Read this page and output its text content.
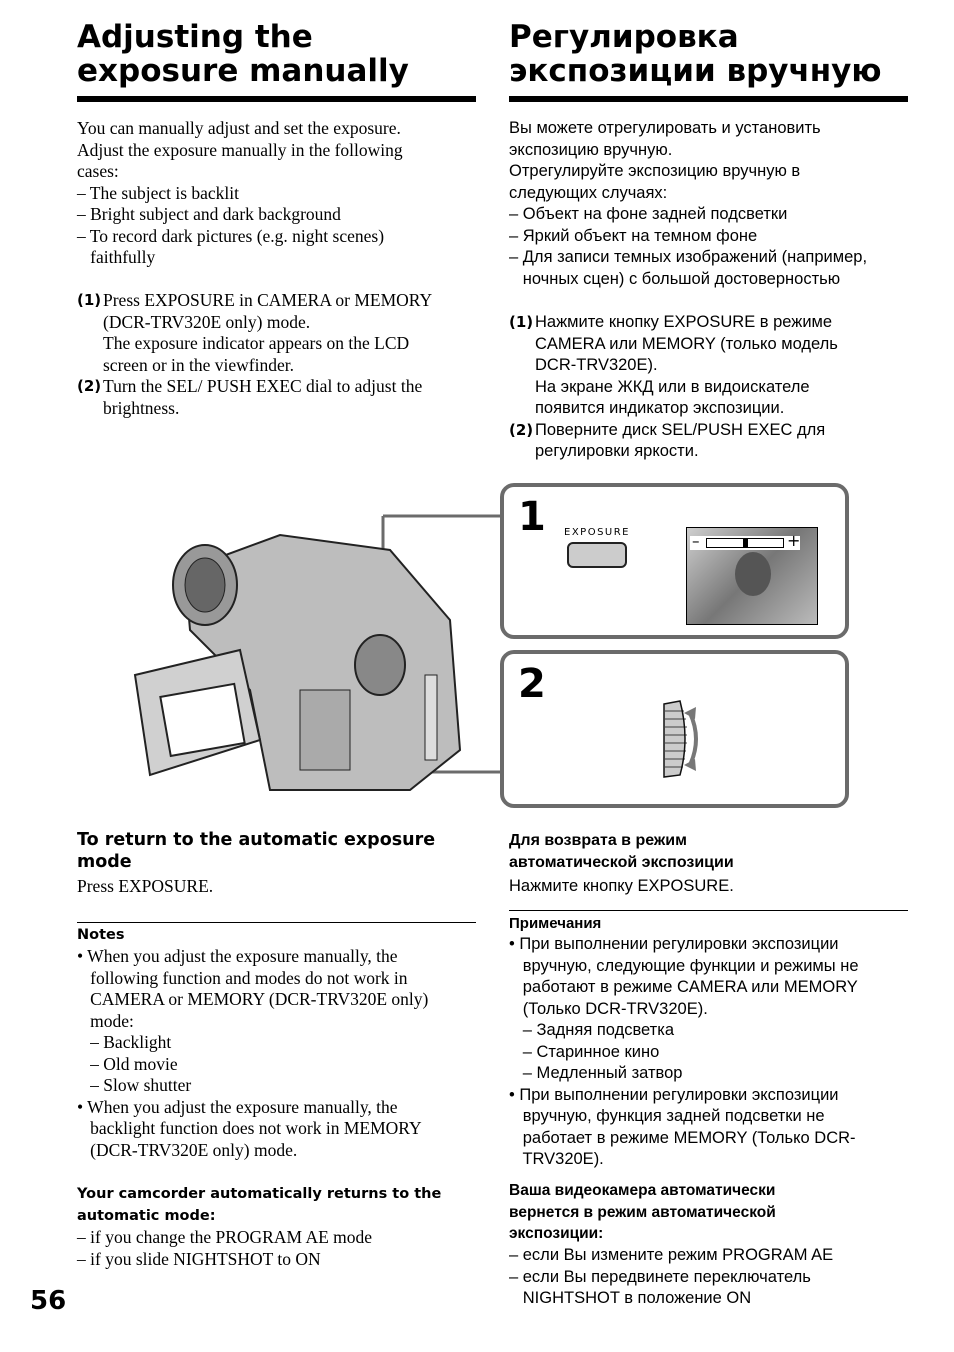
Adjusting the
exposure manually
You can manually adjust and set the exposure.
Adjust the exposure manually in the following
cases:
– The subject is backlit
– Bright subject and dark background
– To record dark pictures (e.g. night scenes)
faithfully
(1) Press EXPOSURE in CAMERA or MEMORY
(DCR-TRV320E only) mode.
The exposure indicator appears on the LCD
screen or in the viewfinder.
(2) Turn the SEL/ PUSH EXEC dial to adjust the
brightness.
To return to the automatic exposure
mode
Press EXPOSURE.
Notes
• When you adjust the exposure manually, the
following function and modes do not work in
CAMERA or MEMORY (DCR-TRV320E only)
mode:
– Backlight
– Old movie
– Slow shutter
• When you adjust the exposure manually, the
backlight function does not work in MEMORY
(DCR-TRV320E only) mode.
Your camcorder automatically returns to the
automatic mode:
– if you change the PROGRAM AE mode
– if you slide NIGHTSHOT to ON
56
Регулировка
экспозиции вручную
Вы можете отрегулировать и установить
экспозицию вручную.
Отрегулируйте экспозицию вручную в
следующих случаях:
– Объект на фоне задней подсветки
– Яркий объект на темном фоне
– Для записи темных изображений (например,
ночных сцен) с большой достоверностью
(1) Нажмите кнопку EXPOSURE в режиме
CAMERA или MEMORY (только модель
DCR-TRV320E).
На экране ЖКД или в видоискателе
появится индикатор экспозиции.
(2) Поверните диск SEL/PUSH EXEC для
регулировки яркости.
Для возврата в режим
автоматической экспозиции
Нажмите кнопку EXPOSURE.
Примечания
• При выполнении регулировки экспозиции
вручную, следующие функции и режимы не
работают в режиме CAMERA или MEMORY
(Только DCR-TRV320E).
– Задняя подсветка
– Старинное кино
– Медленный затвор
• При выполнении регулировки экспозиции
вручную, функция задней подсветки не
работает в режиме MEMORY (Только DCR-
TRV320E).
Ваша видеокамера автоматически
вернется в режим автоматической
экспозиции:
– если Вы измените режим PROGRAM AE
– если Вы передвинете переключатель
NIGHTSHOT в положение ON
1 EXPOSURE	–	+
2
